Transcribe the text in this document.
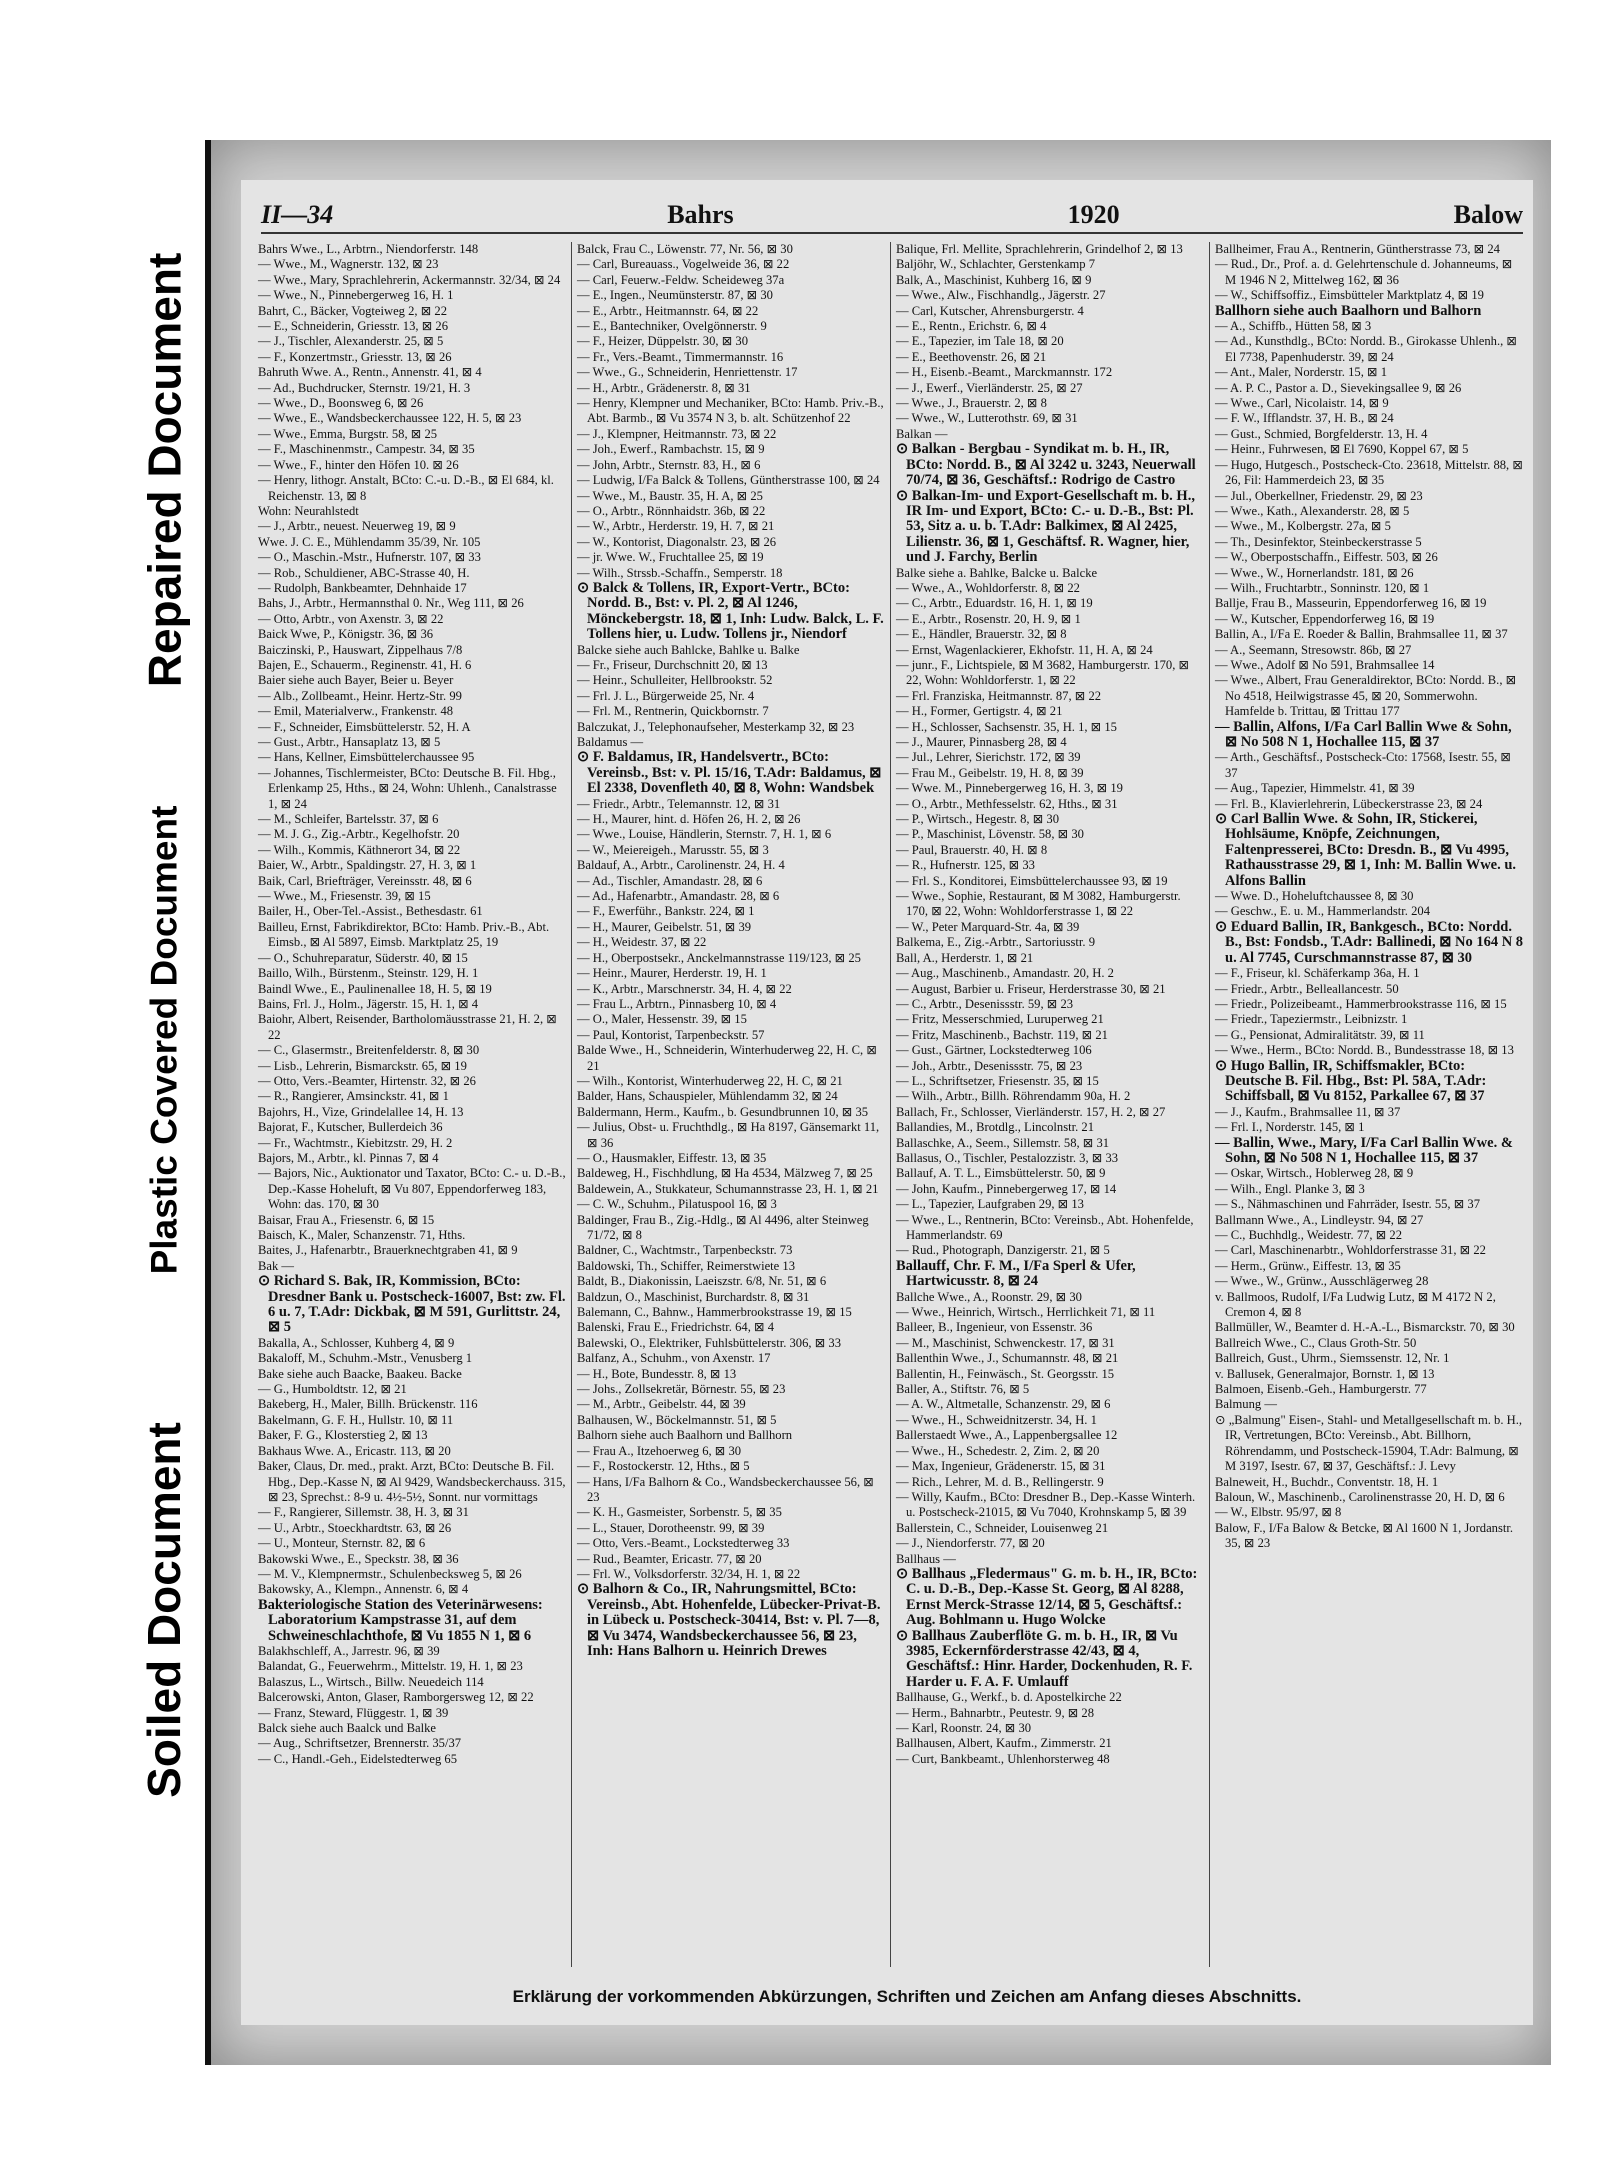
Repaired Document
Plastic Covered Document
Soiled Document
II—34	Bahrs	1920	Balow

Bahrs Wwe., L., Arbtrn., Niendorferstr. 148

— Wwe., M., Wagnerstr. 132, ⊠ 23

— Wwe., Mary, Sprachlehrerin, Ackermannstr. 32/34, ⊠ 24

— Wwe., N., Pinnebergerweg 16, H. 1

Bahrt, C., Bäcker, Vogteiweg 2, ⊠ 22

— E., Schneiderin, Griesstr. 13, ⊠ 26

— J., Tischler, Alexanderstr. 25, ⊠ 5

— F., Konzertmstr., Griesstr. 13, ⊠ 26

Bahruth Wwe. A., Rentn., Annenstr. 41, ⊠ 4

— Ad., Buchdrucker, Sternstr. 19/21, H. 3

— Wwe., D., Boonsweg 6, ⊠ 26

— Wwe., E., Wandsbeckerchaussee 122, H. 5, ⊠ 23

— Wwe., Emma, Burgstr. 58, ⊠ 25

— F., Maschinenmstr., Campestr. 34, ⊠ 35

— Wwe., F., hinter den Höfen 10. ⊠ 26

— Henry, lithogr. Anstalt, BCto: C.-u. D.-B., ⊠ El 684, kl. Reichenstr. 13, ⊠ 8

Wohn: Neurahlstedt

— J., Arbtr., neuest. Neuerweg 19, ⊠ 9

Wwe. J. C. E., Mühlendamm 35/39, Nr. 105

— O., Maschin.-Mstr., Hufnerstr. 107, ⊠ 33

— Rob., Schuldiener, ABC-Strasse 40, H.

— Rudolph, Bankbeamter, Dehnhaide 17

Bahs, J., Arbtr., Hermannsthal 0. Nr., Weg 111, ⊠ 26

— Otto, Arbtr., von Axenstr. 3, ⊠ 22

Baick Wwe, P., Königstr. 36, ⊠ 36

Baiczinski, P., Hauswart, Zippelhaus 7/8

Bajen, E., Schauerm., Reginenstr. 41, H. 6

Baier siehe auch Bayer, Beier u. Beyer

— Alb., Zollbeamt., Heinr. Hertz-Str. 99

— Emil, Materialverw., Frankenstr. 48

— F., Schneider, Eimsbüttelerstr. 52, H. A

— Gust., Arbtr., Hansaplatz 13, ⊠ 5

— Hans, Kellner, Eimsbüttelerchaussee 95

— Johannes, Tischlermeister, BCto: Deutsche B. Fil. Hbg., Erlenkamp 25, Hths., ⊠ 24, Wohn: Uhlenh., Canalstrasse 1, ⊠ 24

— M., Schleifer, Bartelsstr. 37, ⊠ 6

— M. J. G., Zig.-Arbtr., Kegelhofstr. 20

— Wilh., Kommis, Käthnerort 34, ⊠ 22

Baier, W., Arbtr., Spaldingstr. 27, H. 3, ⊠ 1

Baik, Carl, Briefträger, Vereinsstr. 48, ⊠ 6

— Wwe., M., Friesenstr. 39, ⊠ 15

Bailer, H., Ober-Tel.-Assist., Bethesdastr. 61

Bailleu, Ernst, Fabrikdirektor, BCto: Hamb. Priv.-B., Abt. Eimsb., ⊠ Al 5897, Eimsb. Marktplatz 25, 19

— O., Schuhreparatur, Süderstr. 40, ⊠ 15

Baillo, Wilh., Bürstenm., Steinstr. 129, H. 1

Baindl Wwe., E., Paulinenallee 18, H. 5, ⊠ 19

Bains, Frl. J., Holm., Jägerstr. 15, H. 1, ⊠ 4

Baiohr, Albert, Reisender, Bartholomäusstrasse 21, H. 2, ⊠ 22

— C., Glasermstr., Breitenfelderstr. 8, ⊠ 30

— Lisb., Lehrerin, Bismarckstr. 65, ⊠ 19

— Otto, Vers.-Beamter, Hirtenstr. 32, ⊠ 26

— R., Rangierer, Amsinckstr. 41, ⊠ 1

Bajohrs, H., Vize, Grindelallee 14, H. 13

Bajorat, F., Kutscher, Bullerdeich 36

— Fr., Wachtmstr., Kiebitzstr. 29, H. 2

Bajors, M., Arbtr., kl. Pinnas 7, ⊠ 4

— Bajors, Nic., Auktionator und Taxator, BCto: C.- u. D.-B., Dep.-Kasse Hoheluft, ⊠ Vu 807, Eppendorferweg 183, Wohn: das. 170, ⊠ 30

Baisar, Frau A., Friesenstr. 6, ⊠ 15

Baisch, K., Maler, Schanzenstr. 71, Hths.

Baites, J., Hafenarbtr., Brauerknechtgraben 41, ⊠ 9

Bak —

⊙ Richard S. Bak, IR, Kommission, BCto: Dresdner Bank u. Postscheck-16007, Bst: zw. Fl. 6 u. 7, T.Adr: Dickbak, ⊠ M 591, Gurlittstr. 24, ⊠ 5

Bakalla, A., Schlosser, Kuhberg 4, ⊠ 9

Bakaloff, M., Schuhm.-Mstr., Venusberg 1

Bake siehe auch Baacke, Baakeu. Backe

— G., Humboldtstr. 12, ⊠ 21

Bakeberg, H., Maler, Billh. Brückenstr. 116

Bakelmann, G. F. H., Hullstr. 10, ⊠ 11

Baker, F. G., Klosterstieg 2, ⊠ 13

Bakhaus Wwe. A., Ericastr. 113, ⊠ 20

Baker, Claus, Dr. med., prakt. Arzt, BCto: Deutsche B. Fil. Hbg., Dep.-Kasse N, ⊠ Al 9429, Wandsbeckerchauss. 315, ⊠ 23, Sprechst.: 8-9 u. 4½-5½, Sonnt. nur vormittags

— F., Rangierer, Sillemstr. 38, H. 3, ⊠ 31

— U., Arbtr., Stoeckhardtstr. 63, ⊠ 26

— U., Monteur, Sternstr. 82, ⊠ 6

Bakowski Wwe., E., Speckstr. 38, ⊠ 36

— M. V., Klempnermstr., Schulenbecksweg 5, ⊠ 26

Bakowsky, A., Klempn., Annenstr. 6, ⊠ 4

Bakteriologische Station des Veterinärwesens: Laboratorium Kampstrasse 31, auf dem Schweineschlachthofe, ⊠ Vu 1855 N 1, ⊠ 6

Balakhschleff, A., Jarrestr. 96, ⊠ 39

Balandat, G., Feuerwehrm., Mittelstr. 19, H. 1, ⊠ 23

Balaszus, L., Wirtsch., Billw. Neuedeich 114

Balcerowski, Anton, Glaser, Ramborgersweg 12, ⊠ 22

— Franz, Steward, Flüggestr. 1, ⊠ 39

Balck siehe auch Baalck und Balke

— Aug., Schriftsetzer, Brennerstr. 35/37

— C., Handl.-Geh., Eidelstedterweg 65

Balck, Frau C., Löwenstr. 77, Nr. 56, ⊠ 30

— Carl, Bureauass., Vogelweide 36, ⊠ 22

— Carl, Feuerw.-Feldw. Scheideweg 37a

— E., Ingen., Neumünsterstr. 87, ⊠ 30

— E., Arbtr., Heitmannstr. 64, ⊠ 22

— E., Bantechniker, Ovelgönnerstr. 9

— F., Heizer, Düppelstr. 30, ⊠ 30

— Fr., Vers.-Beamt., Timmermannstr. 16

— Wwe., G., Schneiderin, Henriettenstr. 17

— H., Arbtr., Grädenerstr. 8, ⊠ 31

— Henry, Klempner und Mechaniker, BCto: Hamb. Priv.-B., Abt. Barmb., ⊠ Vu 3574 N 3, b. alt. Schützenhof 22

— J., Klempner, Heitmannstr. 73, ⊠ 22

— Joh., Ewerf., Rambachstr. 15, ⊠ 9

— John, Arbtr., Sternstr. 83, H., ⊠ 6

— Ludwig, I/Fa Balck & Tollens, Güntherstrasse 100, ⊠ 24

— Wwe., M., Baustr. 35, H. A, ⊠ 25

— O., Arbtr., Rönnhaidstr. 36b, ⊠ 22

— W., Arbtr., Herderstr. 19, H. 7, ⊠ 21

— W., Kontorist, Diagonalstr. 23, ⊠ 26

— jr. Wwe. W., Fruchtallee 25, ⊠ 19

— Wilh., Strssb.-Schaffn., Semperstr. 18

⊙ Balck & Tollens, IR, Export-Vertr., BCto: Nordd. B., Bst: v. Pl. 2, ⊠ Al 1246, Mönckebergstr. 18, ⊠ 1, Inh: Ludw. Balck, L. F. Tollens hier, u. Ludw. Tollens jr., Niendorf

Balcke siehe auch Bahlcke, Bahlke u. Balke

— Fr., Friseur, Durchschnitt 20, ⊠ 13

— Heinr., Schulleiter, Hellbrookstr. 52

— Frl. J. L., Bürgerweide 25, Nr. 4

— Frl. M., Rentnerin, Quickbornstr. 7

Balczukat, J., Telephonaufseher, Mesterkamp 32, ⊠ 23

Baldamus —

⊙ F. Baldamus, IR, Handelsvertr., BCto: Vereinsb., Bst: v. Pl. 15/16, T.Adr: Baldamus, ⊠ El 2338, Dovenfleth 40, ⊠ 8, Wohn: Wandsbek

— Friedr., Arbtr., Telemannstr. 12, ⊠ 31

— H., Maurer, hint. d. Höfen 26, H. 2, ⊠ 26

— Wwe., Louise, Händlerin, Sternstr. 7, H. 1, ⊠ 6

— W., Meiereigeh., Marusstr. 55, ⊠ 3

Baldauf, A., Arbtr., Carolinenstr. 24, H. 4

— Ad., Tischler, Amandastr. 28, ⊠ 6

— Ad., Hafenarbtr., Amandastr. 28, ⊠ 6

— F., Ewerführ., Bankstr. 224, ⊠ 1

— H., Maurer, Geibelstr. 51, ⊠ 39

— H., Weidestr. 37, ⊠ 22

— H., Oberpostsekr., Anckelmannstrasse 119/123, ⊠ 25

— Heinr., Maurer, Herderstr. 19, H. 1

— K., Arbtr., Marschnerstr. 34, H. 4, ⊠ 22

— Frau L., Arbtrn., Pinnasberg 10, ⊠ 4

— O., Maler, Hessenstr. 39, ⊠ 15

— Paul, Kontorist, Tarpenbeckstr. 57

Balde Wwe., H., Schneiderin, Winterhuderweg 22, H. C, ⊠ 21

— Wilh., Kontorist, Winterhuderweg 22, H. C, ⊠ 21

Balder, Hans, Schauspieler, Mühlendamm 32, ⊠ 24

Baldermann, Herm., Kaufm., b. Gesundbrunnen 10, ⊠ 35

— Julius, Obst- u. Fruchthdlg., ⊠ Ha 8197, Gänsemarkt 11, ⊠ 36

— O., Hausmakler, Eiffestr. 13, ⊠ 35

Baldeweg, H., Fischhdlung, ⊠ Ha 4534, Mälzweg 7, ⊠ 25

Baldewein, A., Stukkateur, Schumannstrasse 23, H. 1, ⊠ 21

— C. W., Schuhm., Pilatuspool 16, ⊠ 3

Baldinger, Frau B., Zig.-Hdlg., ⊠ Al 4496, alter Steinweg 71/72, ⊠ 8

Baldner, C., Wachtmstr., Tarpenbeckstr. 73

Baldowski, Th., Schiffer, Reimerstwiete 13

Baldt, B., Diakonissin, Laeiszstr. 6/8, Nr. 51, ⊠ 6

Baldzun, O., Maschinist, Burchardstr. 8, ⊠ 31

Balemann, C., Bahnw., Hammerbrookstrasse 19, ⊠ 15

Balenski, Frau E., Friedrichstr. 64, ⊠ 4

Balewski, O., Elektriker, Fuhlsbüttelerstr. 306, ⊠ 33

Balfanz, A., Schuhm., von Axenstr. 17

— H., Bote, Bundesstr. 8, ⊠ 13

— Johs., Zollsekretär, Börnestr. 55, ⊠ 23

— M., Arbtr., Geibelstr. 44, ⊠ 39

Balhausen, W., Böckelmannstr. 51, ⊠ 5

Balhorn siehe auch Baalhorn und Ballhorn

— Frau A., Itzehoerweg 6, ⊠ 30

— F., Rostockerstr. 12, Hths., ⊠ 5

— Hans, I/Fa Balhorn & Co., Wandsbeckerchaussee 56, ⊠ 23

— K. H., Gasmeister, Sorbenstr. 5, ⊠ 35

— L., Stauer, Dorotheenstr. 99, ⊠ 39

— Otto, Vers.-Beamt., Lockstedterweg 33

— Rud., Beamter, Ericastr. 77, ⊠ 20

— Frl. W., Volksdorferstr. 32/34, H. 1, ⊠ 22

⊙ Balhorn & Co., IR, Nahrungsmittel, BCto: Vereinsb., Abt. Hohenfelde, Lübecker-Privat-B. in Lübeck u. Postscheck-30414, Bst: v. Pl. 7—8, ⊠ Vu 3474, Wandsbeckerchaussee 56, ⊠ 23, Inh: Hans Balhorn u. Heinrich Drewes

Balique, Frl. Mellite, Sprachlehrerin, Grindelhof 2, ⊠ 13

Baljöhr, W., Schlachter, Gerstenkamp 7

Balk, A., Maschinist, Kuhberg 16, ⊠ 9

— Wwe., Alw., Fischhandlg., Jägerstr. 27

— Carl, Kutscher, Ahrensburgerstr. 4

— E., Rentn., Erichstr. 6, ⊠ 4

— E., Tapezier, im Tale 18, ⊠ 20

— E., Beethovenstr. 26, ⊠ 21

— H., Eisenb.-Beamt., Marckmannstr. 172

— J., Ewerf., Vierländerstr. 25, ⊠ 27

— Wwe., J., Brauerstr. 2, ⊠ 8

— Wwe., W., Lutterothstr. 69, ⊠ 31

Balkan —

⊙ Balkan - Bergbau - Syndikat m. b. H., IR, BCto: Nordd. B., ⊠ Al 3242 u. 3243, Neuerwall 70/74, ⊠ 36, Geschäftsf.: Rodrigo de Castro

⊙ Balkan-Im- und Export-Gesellschaft m. b. H., IR Im- und Export, BCto: C.- u. D.-B., Bst: Pl. 53, Sitz a. u. b. T.Adr: Balkimex, ⊠ Al 2425, Lilienstr. 36, ⊠ 1, Geschäftsf. R. Wagner, hier, und J. Farchy, Berlin

Balke siehe a. Bahlke, Balcke u. Balcke

— Wwe., A., Wohldorferstr. 8, ⊠ 22

— C., Arbtr., Eduardstr. 16, H. 1, ⊠ 19

— E., Arbtr., Rosenstr. 20, H. 9, ⊠ 1

— E., Händler, Brauerstr. 32, ⊠ 8

— Ernst, Wagenlackierer, Ekhofstr. 11, H. A, ⊠ 24

— junr., F., Lichtspiele, ⊠ M 3682, Hamburgerstr. 170, ⊠ 22, Wohn: Wohldorferstr. 1, ⊠ 22

— Frl. Franziska, Heitmannstr. 87, ⊠ 22

— H., Former, Gertigstr. 4, ⊠ 21

— H., Schlosser, Sachsenstr. 35, H. 1, ⊠ 15

— J., Maurer, Pinnasberg 28, ⊠ 4

— Jul., Lehrer, Sierichstr. 172, ⊠ 39

— Frau M., Geibelstr. 19, H. 8, ⊠ 39

— Wwe. M., Pinnebergerweg 16, H. 3, ⊠ 19

— O., Arbtr., Methfesselstr. 62, Hths., ⊠ 31

— P., Wirtsch., Hegestr. 8, ⊠ 30

— P., Maschinist, Lövenstr. 58, ⊠ 30

— Paul, Brauerstr. 40, H. ⊠ 8

— R., Hufnerstr. 125, ⊠ 33

— Frl. S., Konditorei, Eimsbüttelerchaussee 93, ⊠ 19

— Wwe., Sophie, Restaurant, ⊠ M 3082, Hamburgerstr. 170, ⊠ 22, Wohn: Wohldorferstrasse 1, ⊠ 22

— W., Peter Marquard-Str. 4a, ⊠ 39

Balkema, E., Zig.-Arbtr., Sartoriusstr. 9

Ball, A., Herderstr. 1, ⊠ 21

— Aug., Maschinenb., Amandastr. 20, H. 2

— August, Barbier u. Friseur, Herderstrasse 30, ⊠ 21

— C., Arbtr., Desenissstr. 59, ⊠ 23

— Fritz, Messerschmied, Luruperweg 21

— Fritz, Maschinenb., Bachstr. 119, ⊠ 21

— Gust., Gärtner, Lockstedterweg 106

— Joh., Arbtr., Desenissstr. 75, ⊠ 23

— L., Schriftsetzer, Friesenstr. 35, ⊠ 15

— Wilh., Arbtr., Billh. Röhrendamm 90a, H. 2

Ballach, Fr., Schlosser, Vierländerstr. 157, H. 2, ⊠ 27

Ballandies, M., Brotdlg., Lincolnstr. 21

Ballaschke, A., Seem., Sillemstr. 58, ⊠ 31

Ballasus, O., Tischler, Pestalozzistr. 3, ⊠ 33

Ballauf, A. T. L., Eimsbüttelerstr. 50, ⊠ 9

— John, Kaufm., Pinnebergerweg 17, ⊠ 14

— L., Tapezier, Laufgraben 29, ⊠ 13

— Wwe., L., Rentnerin, BCto: Vereinsb., Abt. Hohenfelde, Hammerlandstr. 69

— Rud., Photograph, Danzigerstr. 21, ⊠ 5

Ballauff, Chr. F. M., I/Fa Sperl & Ufer, Hartwicusstr. 8, ⊠ 24

Ballche Wwe., A., Roonstr. 29, ⊠ 30

— Wwe., Heinrich, Wirtsch., Herrlichkeit 71, ⊠ 11

Balleer, B., Ingenieur, von Essenstr. 36

— M., Maschinist, Schwenckestr. 17, ⊠ 31

Ballenthin Wwe., J., Schumannstr. 48, ⊠ 21

Ballentin, H., Feinwäsch., St. Georgsstr. 15

Baller, A., Stiftstr. 76, ⊠ 5

— A. W., Altmetalle, Schanzenstr. 29, ⊠ 6

— Wwe., H., Schweidnitzerstr. 34, H. 1

Ballerstaedt Wwe., A., Lappenbergsallee 12

— Wwe., H., Schedestr. 2, Zim. 2, ⊠ 20

— Max, Ingenieur, Grädenerstr. 15, ⊠ 31

— Rich., Lehrer, M. d. B., Rellingerstr. 9

— Willy, Kaufm., BCto: Dresdner B., Dep.-Kasse Winterh. u. Postscheck-21015, ⊠ Vu 7040, Krohnskamp 5, ⊠ 39

Ballerstein, C., Schneider, Louisenweg 21

— J., Niendorferstr. 77, ⊠ 20

Ballhaus —

⊙ Ballhaus „Fledermaus" G. m. b. H., IR, BCto: C. u. D.-B., Dep.-Kasse St. Georg, ⊠ Al 8288, Ernst Merck-Strasse 12/14, ⊠ 5, Geschäftsf.: Aug. Bohlmann u. Hugo Wolcke

⊙ Ballhaus Zauberflöte G. m. b. H., IR, ⊠ Vu 3985, Eckernförderstrasse 42/43, ⊠ 4, Geschäftsf.: Hinr. Harder, Dockenhuden, R. F. Harder u. F. A. F. Umlauff

Ballhause, G., Werkf., b. d. Apostelkirche 22

— Herm., Bahnarbtr., Peutestr. 9, ⊠ 28

— Karl, Roonstr. 24, ⊠ 30

Ballhausen, Albert, Kaufm., Zimmerstr. 21

— Curt, Bankbeamt., Uhlenhorsterweg 48

Ballheimer, Frau A., Rentnerin, Güntherstrasse 73, ⊠ 24

— Rud., Dr., Prof. a. d. Gelehrtenschule d. Johanneums, ⊠ M 1946 N 2, Mittelweg 162, ⊠ 36

— W., Schiffsoffiz., Eimsbütteler Marktplatz 4, ⊠ 19

Ballhorn siehe auch Baalhorn und Balhorn

— A., Schiffb., Hütten 58, ⊠ 3

— Ad., Kunsthdlg., BCto: Nordd. B., Girokasse Uhlenh., ⊠ El 7738, Papenhuderstr. 39, ⊠ 24

— Ant., Maler, Norderstr. 15, ⊠ 1

— A. P. C., Pastor a. D., Sievekingsallee 9, ⊠ 26

— Wwe., Carl, Nicolaistr. 14, ⊠ 9

— F. W., Ifflandstr. 37, H. B., ⊠ 24

— Gust., Schmied, Borgfelderstr. 13, H. 4

— Heinr., Fuhrwesen, ⊠ El 7690, Koppel 67, ⊠ 5

— Hugo, Hutgesch., Postscheck-Cto. 23618, Mittelstr. 88, ⊠ 26, Fil: Hammerdeich 23, ⊠ 35

— Jul., Oberkellner, Friedenstr. 29, ⊠ 23

— Wwe., Kath., Alexanderstr. 28, ⊠ 5

— Wwe., M., Kolbergstr. 27a, ⊠ 5

— Th., Desinfektor, Steinbeckerstrasse 5

— W., Oberpostschaffn., Eiffestr. 503, ⊠ 26

— Wwe., W., Hornerlandstr. 181, ⊠ 26

— Wilh., Fruchtarbtr., Sonninstr. 120, ⊠ 1

Ballje, Frau B., Masseurin, Eppendorferweg 16, ⊠ 19

— W., Kutscher, Eppendorferweg 16, ⊠ 19

Ballin, A., I/Fa E. Roeder & Ballin, Brahmsallee 11, ⊠ 37

— A., Seemann, Stresowstr. 86b, ⊠ 27

— Wwe., Adolf ⊠ No 591, Brahmsallee 14

— Wwe., Albert, Frau Generaldirektor, BCto: Nordd. B., ⊠ No 4518, Heilwigstrasse 45, ⊠ 20, Sommerwohn. Hamfelde b. Trittau, ⊠ Trittau 177

— Ballin, Alfons, I/Fa Carl Ballin Wwe & Sohn, ⊠ No 508 N 1, Hochallee 115, ⊠ 37

— Arth., Geschäftsf., Postscheck-Cto: 17568, Isestr. 55, ⊠ 37

— Aug., Tapezier, Himmelstr. 41, ⊠ 39

— Frl. B., Klavierlehrerin, Lübeckerstrasse 23, ⊠ 24

⊙ Carl Ballin Wwe. & Sohn, IR, Stickerei, Hohlsäume, Knöpfe, Zeichnungen, Faltenpresserei, BCto: Dresdn. B., ⊠ Vu 4995, Rathausstrasse 29, ⊠ 1, Inh: M. Ballin Wwe. u. Alfons Ballin

— Wwe. D., Hoheluftchaussee 8, ⊠ 30

— Geschw., E. u. M., Hammerlandstr. 204

⊙ Eduard Ballin, IR, Bankgesch., BCto: Nordd. B., Bst: Fondsb., T.Adr: Ballinedi, ⊠ No 164 N 8 u. Al 7745, Curschmannstrasse 87, ⊠ 30

— F., Friseur, kl. Schäferkamp 36a, H. 1

— Friedr., Arbtr., Belleallancestr. 50

— Friedr., Polizeibeamt., Hammerbrookstrasse 116, ⊠ 15

— Friedr., Tapeziermstr., Leibnizstr. 1

— G., Pensionat, Admiralitätstr. 39, ⊠ 11

— Wwe., Herm., BCto: Nordd. B., Bundesstrasse 18, ⊠ 13

⊙ Hugo Ballin, IR, Schiffsmakler, BCto: Deutsche B. Fil. Hbg., Bst: Pl. 58A, T.Adr: Schiffsball, ⊠ Vu 8152, Parkallee 67, ⊠ 37

— J., Kaufm., Brahmsallee 11, ⊠ 37

— Frl. I., Norderstr. 145, ⊠ 1

— Ballin, Wwe., Mary, I/Fa Carl Ballin Wwe. & Sohn, ⊠ No 508 N 1, Hochallee 115, ⊠ 37

— Oskar, Wirtsch., Hoblerweg 28, ⊠ 9

— Wilh., Engl. Planke 3, ⊠ 3

— S., Nähmaschinen und Fahrräder, Isestr. 55, ⊠ 37

Ballmann Wwe., A., Lindleystr. 94, ⊠ 27

— C., Buchhdlg., Weidestr. 77, ⊠ 22

— Carl, Maschinenarbtr., Wohldorferstrasse 31, ⊠ 22

— Herm., Grünw., Eiffestr. 13, ⊠ 35

— Wwe., W., Grünw., Ausschlägerweg 28

v. Ballmoos, Rudolf, I/Fa Ludwig Lutz, ⊠ M 4172 N 2, Cremon 4, ⊠ 8

Ballmüller, W., Beamter d. H.-A.-L., Bismarckstr. 70, ⊠ 30

Ballreich Wwe., C., Claus Groth-Str. 50

Ballreich, Gust., Uhrm., Siemssenstr. 12, Nr. 1

v. Ballusek, Generalmajor, Bornstr. 1, ⊠ 13

Balmoen, Eisenb.-Geh., Hamburgerstr. 77

Balmung —

⊙ „Balmung" Eisen-, Stahl- und Metallgesellschaft m. b. H., IR, Vertretungen, BCto: Vereinsb., Abt. Billhorn, Röhrendamm, und Postscheck-15904, T.Adr: Balmung, ⊠ M 3197, Isestr. 67, ⊠ 37, Geschäftsf.: J. Levy

Balneweit, H., Buchdr., Conventstr. 18, H. 1

Baloun, W., Maschinenb., Carolinenstrasse 20, H. D, ⊠ 6

— W., Elbstr. 95/97, ⊠ 8

Balow, F., I/Fa Balow & Betcke, ⊠ Al 1600 N 1, Jordanstr. 35, ⊠ 23

Erklärung der vorkommenden Abkürzungen, Schriften und Zeichen am Anfang dieses Abschnitts.
